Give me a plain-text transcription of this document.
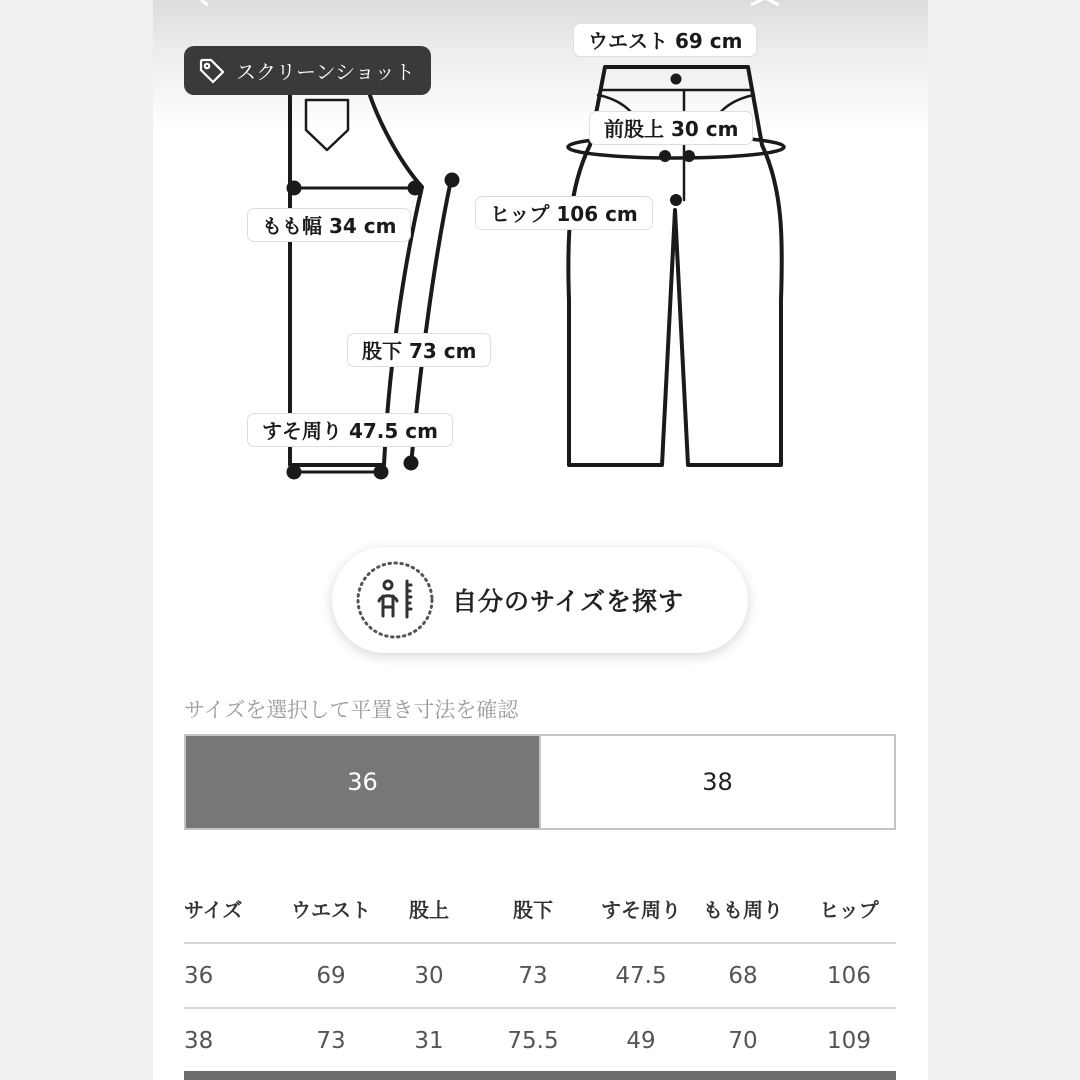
スクリーンショット
もも幅 34 cm
股下 73 cm
すそ周り 47.5 cm
ウエスト 69 cm
前股上 30 cm
ヒップ 106 cm
自分のサイズを探す
サイズを選択して平置き寸法を確認
36	38
サイズ	ウエスト	股上	股下	すそ周り	もも周り	ヒップ
36	69	30	73	47.5	68	106
38	73	31	75.5	49	70	109
